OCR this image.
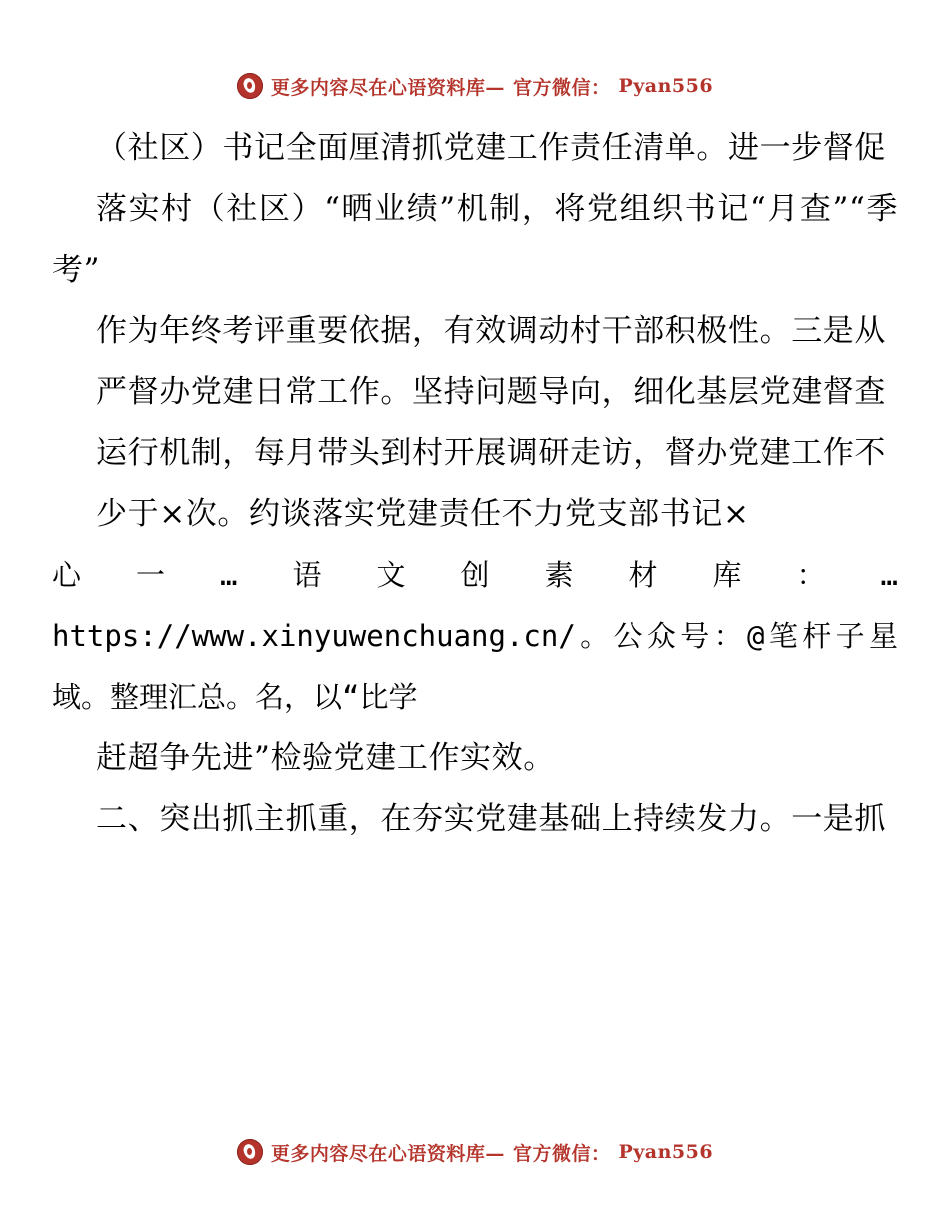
更多内容尽在心语资料库— 官方微信： Pyan556

（社区）书记全面厘清抓党建工作责任清单。进一步督促

落实村（社区）“晒业绩”机制，将党组织书记“月查”“季考”

作为年终考评重要依据，有效调动村干部积极性。三是从

严督办党建日常工作。坚持问题导向，细化基层党建督查

运行机制，每月带头到村开展调研走访，督办党建工作不

少于×次。约谈落实党建责任不力党支部书记×

心一…语文创素材库：…https://www.xinyuwenchuang.cn/。公众号：@笔杆子星域。整理汇总。名，以“比学

赶超争先进”检验党建工作实效。

二、突出抓主抓重，在夯实党建基础上持续发力。一是抓

更多内容尽在心语资料库— 官方微信： Pyan556
